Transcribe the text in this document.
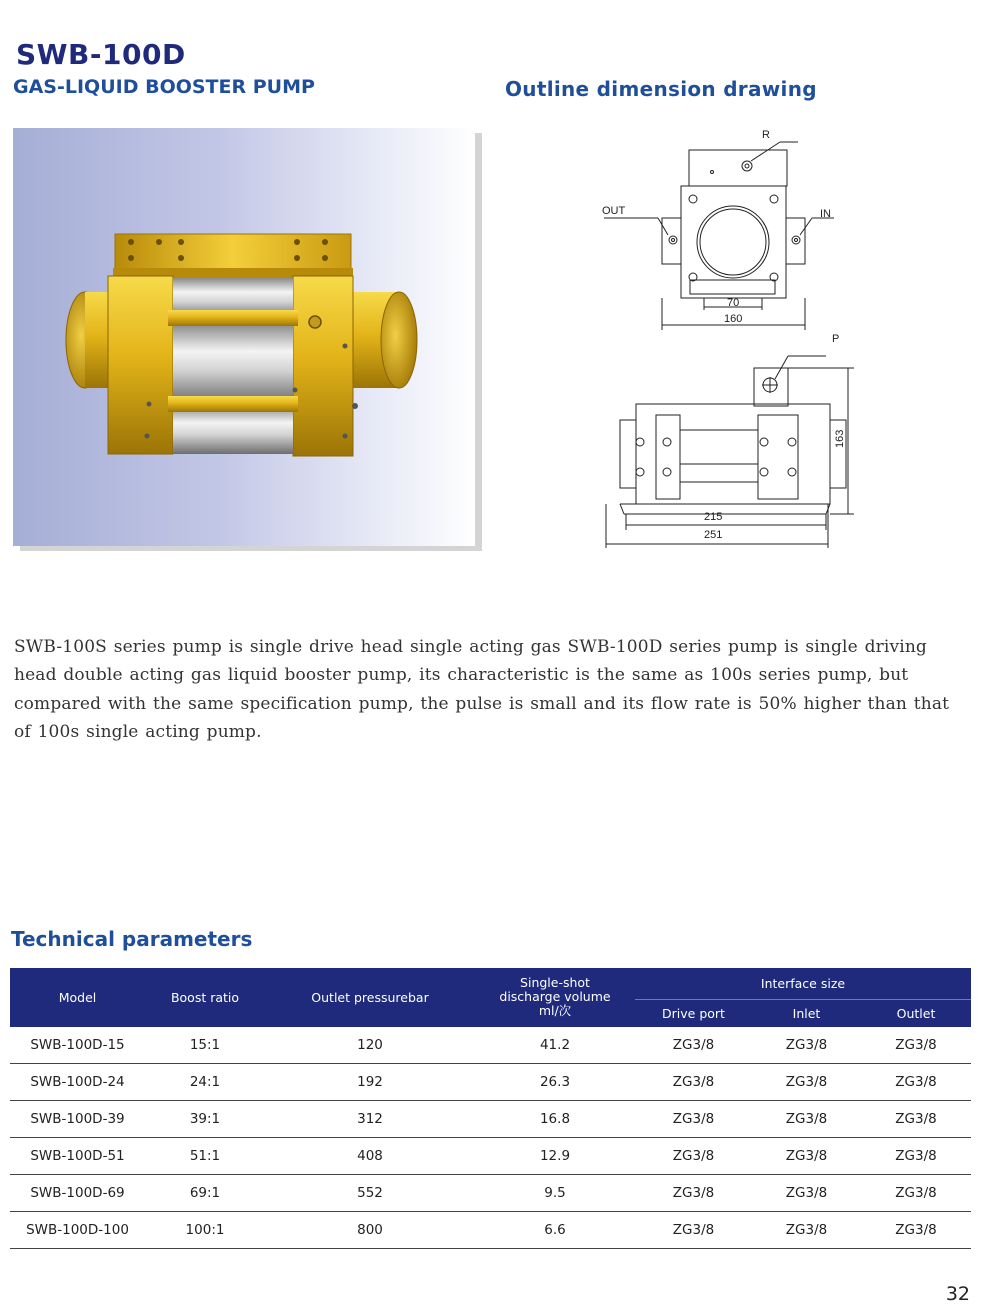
SWB-100D
GAS-LIQUID BOOSTER PUMP	Outline dimension drawing
R
OUT	IN
70
160
P
163
215
251

SWB-100S series pump is single drive head single acting gas SWB-100D series pump is single driving head double acting gas liquid booster pump, its characteristic is the same as 100s series pump, but compared with the same specification pump, the pulse is small and its flow rate is 50% higher than that of 100s single acting pump.

Technical parameters
Model	Boost ratio	Outlet pressurebar	Single-shot
discharge volume
ml/次	Interface size		
				Drive port	Inlet	Outlet
SWB-100D-15	15:1	120	41.2	ZG3/8	ZG3/8	ZG3/8
SWB-100D-24	24:1	192	26.3	ZG3/8	ZG3/8	ZG3/8
SWB-100D-39	39:1	312	16.8	ZG3/8	ZG3/8	ZG3/8
SWB-100D-51	51:1	408	12.9	ZG3/8	ZG3/8	ZG3/8
SWB-100D-69	69:1	552	9.5	ZG3/8	ZG3/8	ZG3/8
SWB-100D-100	100:1	800	6.6	ZG3/8	ZG3/8	ZG3/8

32
